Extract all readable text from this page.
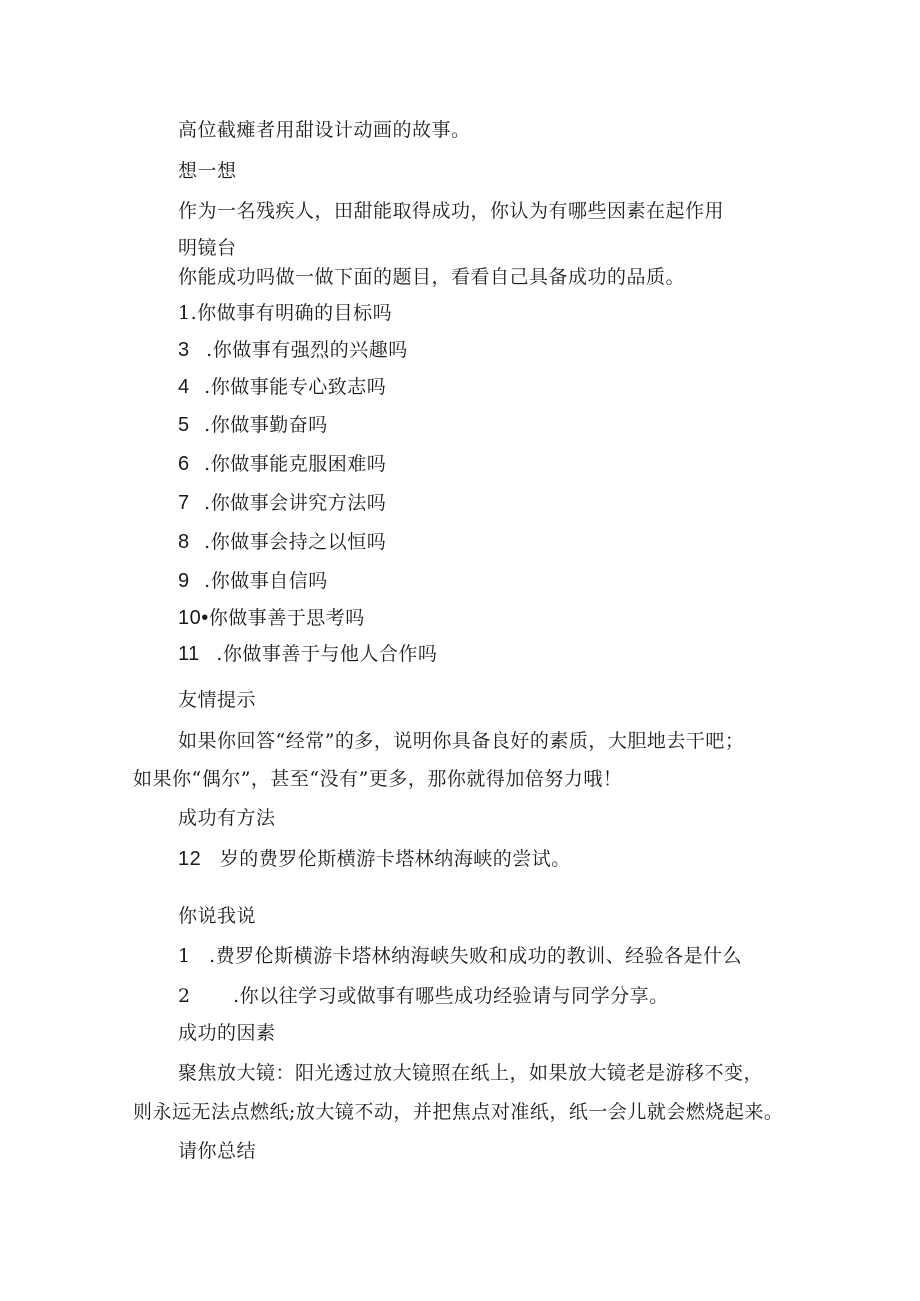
高位截瘫者用甜设计动画的故事。
想一想
作为一名残疾人，田甜能取得成功，你认为有哪些因素在起作用
明镜台
你能成功吗做一做下面的题目，看看自己具备成功的品质。
1.你做事有明确的目标吗
3 .你做事有强烈的兴趣吗
4 .你做事能专心致志吗
5 .你做事勤奋吗
6 .你做事能克服困难吗
7 .你做事会讲究方法吗
8 .你做事会持之以恒吗
9 .你做事自信吗
10•你做事善于思考吗
11 .你做事善于与他人合作吗
友情提示
如果你回答“经常”的多，说明你具备良好的素质，大胆地去干吧；
如果你“偶尔”，甚至“没有”更多，那你就得加倍努力哦！
成功有方法
12 岁的费罗伦斯横游卡塔林纳海峡的尝试。
你说我说
1 .费罗伦斯横游卡塔林纳海峡失败和成功的教训、经验各是什么
2 .你以往学习或做事有哪些成功经验请与同学分享。
成功的因素
聚焦放大镜：阳光透过放大镜照在纸上，如果放大镜老是游移不变，
则永远无法点燃纸;放大镜不动，并把焦点对准纸，纸一会儿就会燃烧起来。
请你总结
